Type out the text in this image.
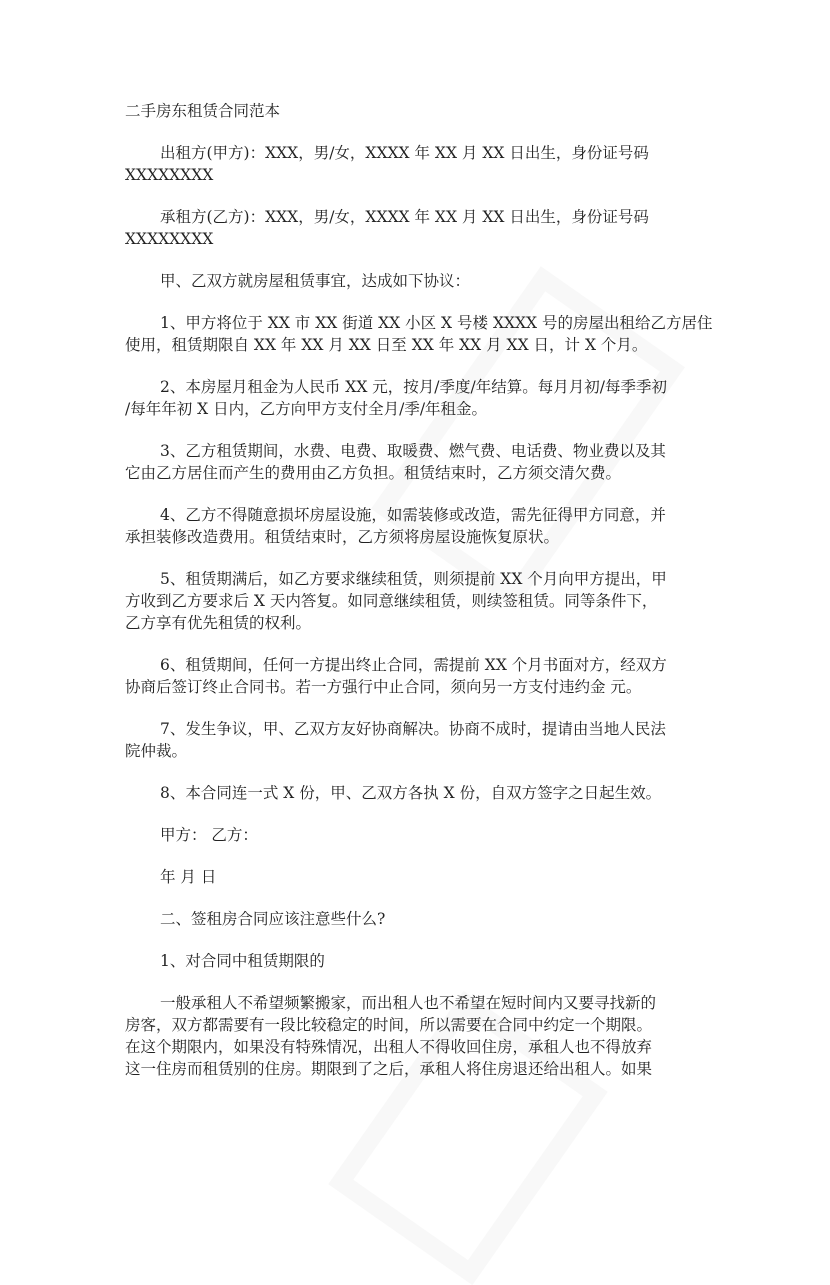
二手房东租赁合同范本

出租方(甲方)：XXX，男/女，XXXX 年 XX 月 XX 日出生，身份证号码
XXXXXXXX

承租方(乙方)：XXX，男/女，XXXX 年 XX 月 XX 日出生，身份证号码
XXXXXXXX

甲、乙双方就房屋租赁事宜，达成如下协议：

1、甲方将位于 XX 市 XX 街道 XX 小区 X 号楼 XXXX 号的房屋出租给乙方居住
使用，租赁期限自 XX 年 XX 月 XX 日至 XX 年 XX 月 XX 日，计 X 个月。

2、本房屋月租金为人民币 XX 元，按月/季度/年结算。每月月初/每季季初
/每年年初 X 日内，乙方向甲方支付全月/季/年租金。

3、乙方租赁期间，水费、电费、取暖费、燃气费、电话费、物业费以及其
它由乙方居住而产生的费用由乙方负担。租赁结束时，乙方须交清欠费。

4、乙方不得随意损坏房屋设施，如需装修或改造，需先征得甲方同意，并
承担装修改造费用。租赁结束时，乙方须将房屋设施恢复原状。

5、租赁期满后，如乙方要求继续租赁，则须提前 XX 个月向甲方提出，甲
方收到乙方要求后 X 天内答复。如同意继续租赁，则续签租赁。同等条件下，
乙方享有优先租赁的权利。

6、租赁期间，任何一方提出终止合同，需提前 XX 个月书面对方，经双方
协商后签订终止合同书。若一方强行中止合同，须向另一方支付违约金 元。

7、发生争议，甲、乙双方友好协商解决。协商不成时，提请由当地人民法
院仲裁。

8、本合同连一式 X 份，甲、乙双方各执 X 份，自双方签字之日起生效。

甲方： 乙方：

年 月 日

二、签租房合同应该注意些什么?

1、对合同中租赁期限的

一般承租人不希望频繁搬家，而出租人也不希望在短时间内又要寻找新的
房客，双方都需要有一段比较稳定的时间，所以需要在合同中约定一个期限。
在这个期限内，如果没有特殊情况，出租人不得收回住房，承租人也不得放弃
这一住房而租赁别的住房。期限到了之后，承租人将住房退还给出租人。如果
